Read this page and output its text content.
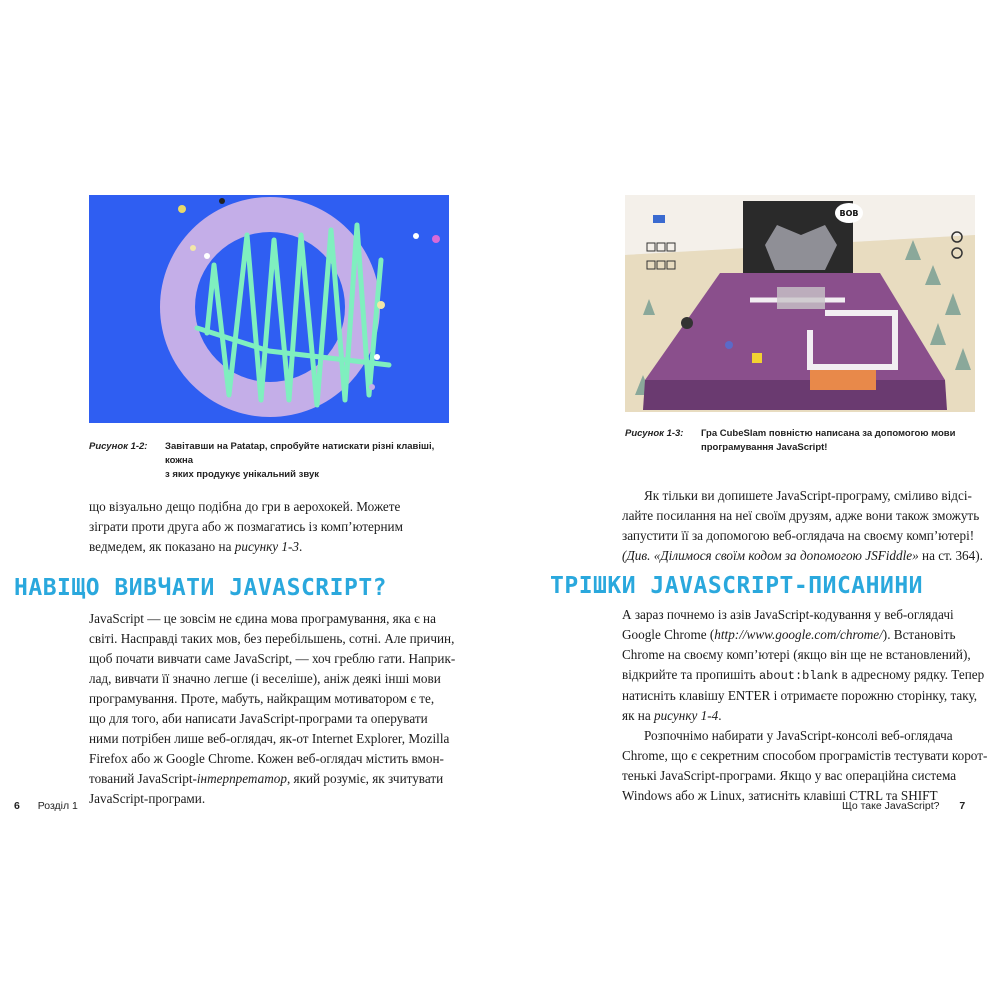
Рисунок 1-2: Завітавши на Patatap, спробуйте натискати різні клавіші, кожна
з яких продукує унікальний звук
що візуально дещо подібна до гри в аерохокей. Можете
зіграти проти друга або ж позмагатись із комп’ютерним
ведмедем, як показано на рисунку 1-3.
НАВІЩО ВИВЧАТИ JAVASCRIPT?
JavaScript — це зовсім не єдина мова програмування, яка є на
світі. Насправді таких мов, без перебільшень, сотні. Але причин,
щоб почати вивчати саме JavaScript, — хоч греблю гати. Наприк-
лад, вивчати її значно легше (і веселіше), аніж деякі інші мови
програмування. Проте, мабуть, найкращим мотиватором є те,
що для того, аби написати JavaScript-програми та оперувати
ними потрібен лише веб-оглядач, як-от Internet Explorer, Mozilla
Firefox або ж Google Chrome. Кожен веб-оглядач містить вмон-
тований JavaScript-інтерпретатор, який розуміє, як зчитувати
JavaScript-програми.
6 Розділ 1
BOB
Рисунок 1-3: Гра CubeSlam повністю написана за допомогою мови
програмування JavaScript!
Як тільки ви допишете JavaScript-програму, сміливо відсі-
лайте посилання на неї своїм друзям, адже вони також зможуть
запустити її за допомогою веб-оглядача на своєму комп’ютері!
(Див. «Ділимося своїм кодом за допомогою JSFiddle» на ст. 364).
ТРІШКИ JAVASCRIPT-ПИСАНИНИ
А зараз почнемо із азів JavaScript-кодування у веб-оглядачі
Google Chrome (http://www.google.com/chrome/). Встановіть
Chrome на своєму комп’ютері (якщо він ще не встановлений),
відкрийте та пропишіть about:blank в адресному рядку. Тепер
натисніть клавішу ENTER і отримаєте порожню сторінку, таку,
як на рисунку 1-4.
Розпочнімо набирати у JavaScript-консолі веб-оглядача
Chrome, що є секретним способом програмістів тестувати корот-
тенькі JavaScript-програми. Якщо у вас операційна система
Windows або ж Linux, затисніть клавіші CTRL та SHIFT
Що таке JavaScript? 7
